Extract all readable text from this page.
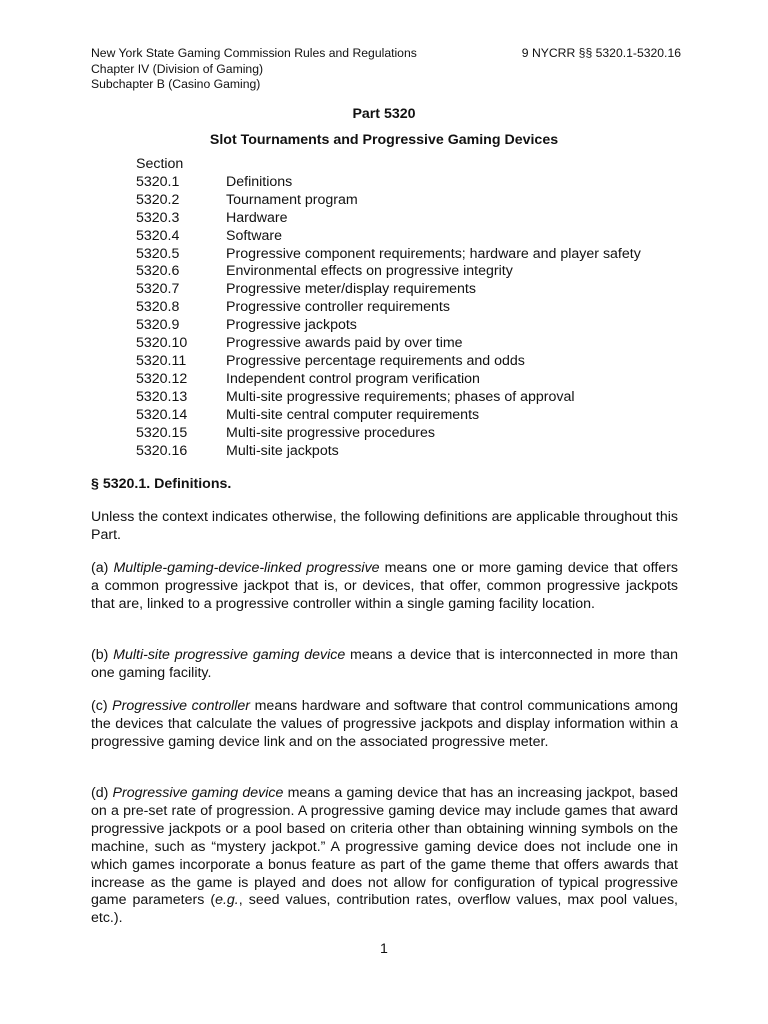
New York State Gaming Commission Rules and Regulations
Chapter IV (Division of Gaming)
Subchapter B (Casino Gaming)
9 NYCRR §§ 5320.1-5320.16
Part 5320
Slot Tournaments and Progressive Gaming Devices
Section
5320.1	Definitions
5320.2	Tournament program
5320.3	Hardware
5320.4	Software
5320.5	Progressive component requirements; hardware and player safety
5320.6	Environmental effects on progressive integrity
5320.7	Progressive meter/display requirements
5320.8	Progressive controller requirements
5320.9	Progressive jackpots
5320.10	Progressive awards paid by over time
5320.11	Progressive percentage requirements and odds
5320.12	Independent control program verification
5320.13	Multi-site progressive requirements; phases of approval
5320.14	Multi-site central computer requirements
5320.15	Multi-site progressive procedures
5320.16	Multi-site jackpots
§ 5320.1. Definitions.

Unless the context indicates otherwise, the following definitions are applicable throughout this Part.

(a) Multiple-gaming-device-linked progressive means one or more gaming device that offers a common progressive jackpot that is, or devices, that offer, common progressive jackpots that are, linked to a progressive controller within a single gaming facility location.

(b) Multi-site progressive gaming device means a device that is interconnected in more than one gaming facility.

(c) Progressive controller means hardware and software that control communications among the devices that calculate the values of progressive jackpots and display information within a progressive gaming device link and on the associated progressive meter.

(d) Progressive gaming device means a gaming device that has an increasing jackpot, based on a pre-set rate of progression. A progressive gaming device may include games that award progressive jackpots or a pool based on criteria other than obtaining winning symbols on the machine, such as “mystery jackpot.” A progressive gaming device does not include one in which games incorporate a bonus feature as part of the game theme that offers awards that increase as the game is played and does not allow for configuration of typical progressive game parameters (e.g., seed values, contribution rates, overflow values, max pool values, etc.).

1
